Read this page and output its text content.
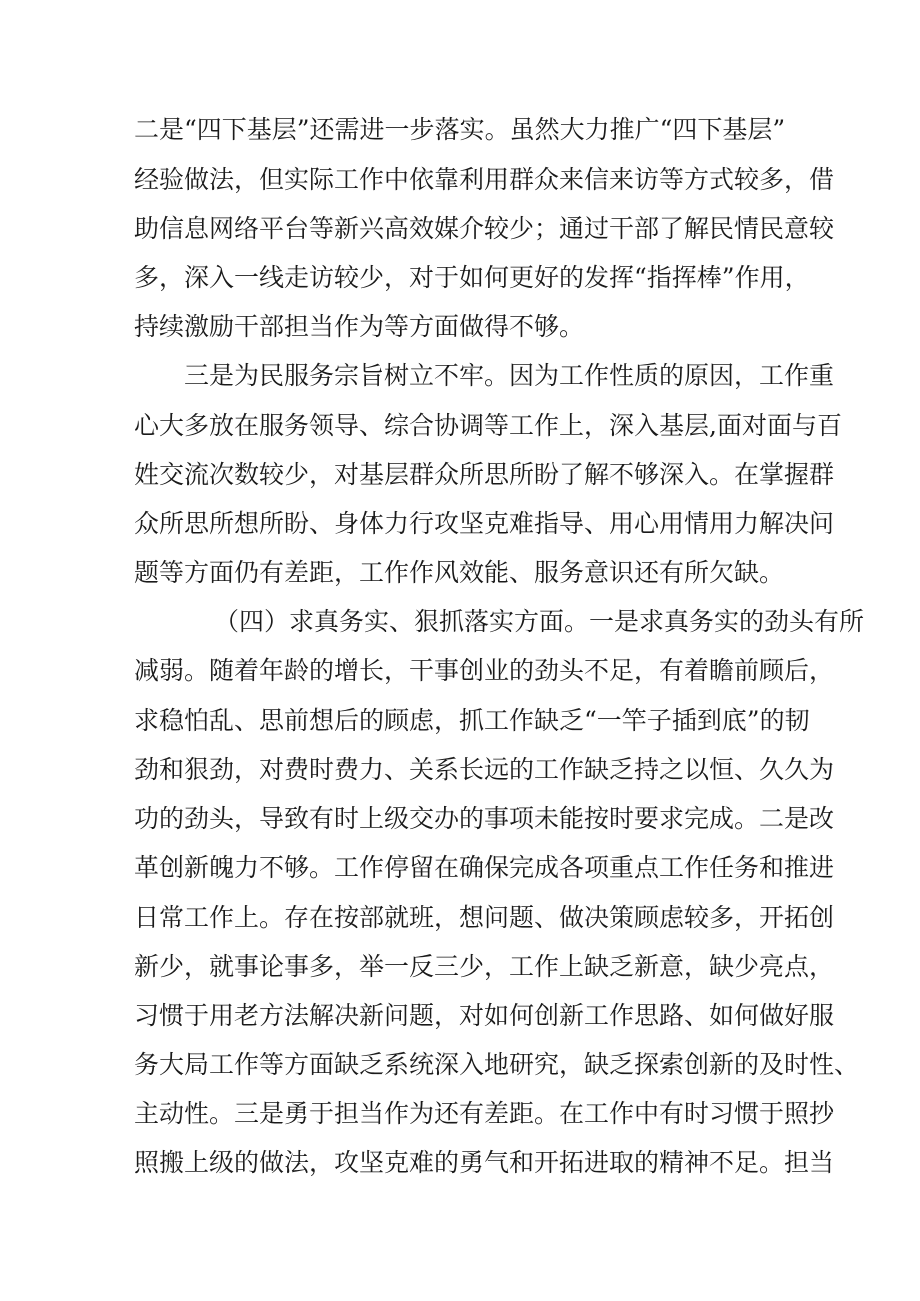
二是“四下基层”还需进一步落实。虽然大力推广“四下基层”
经验做法，但实际工作中依靠利用群众来信来访等方式较多，借
助信息网络平台等新兴高效媒介较少；通过干部了解民情民意较
多，深入一线走访较少，对于如何更好的发挥“指挥棒”作用，
持续激励干部担当作为等方面做得不够。
三是为民服务宗旨树立不牢。因为工作性质的原因，工作重
心大多放在服务领导、综合协调等工作上，深入基层,面对面与百
姓交流次数较少，对基层群众所思所盼了解不够深入。在掌握群
众所思所想所盼、身体力行攻坚克难指导、用心用情用力解决问
题等方面仍有差距，工作作风效能、服务意识还有所欠缺。
（四）求真务实、狠抓落实方面。一是求真务实的劲头有所
减弱。随着年龄的增长，干事创业的劲头不足，有着瞻前顾后，
求稳怕乱、思前想后的顾虑，抓工作缺乏“一竿子插到底”的韧
劲和狠劲，对费时费力、关系长远的工作缺乏持之以恒、久久为
功的劲头，导致有时上级交办的事项未能按时要求完成。二是改
革创新魄力不够。工作停留在确保完成各项重点工作任务和推进
日常工作上。存在按部就班，想问题、做决策顾虑较多，开拓创
新少，就事论事多，举一反三少，工作上缺乏新意，缺少亮点，
习惯于用老方法解决新问题，对如何创新工作思路、如何做好服
务大局工作等方面缺乏系统深入地研究，缺乏探索创新的及时性、
主动性。三是勇于担当作为还有差距。在工作中有时习惯于照抄
照搬上级的做法，攻坚克难的勇气和开拓进取的精神不足。担当
